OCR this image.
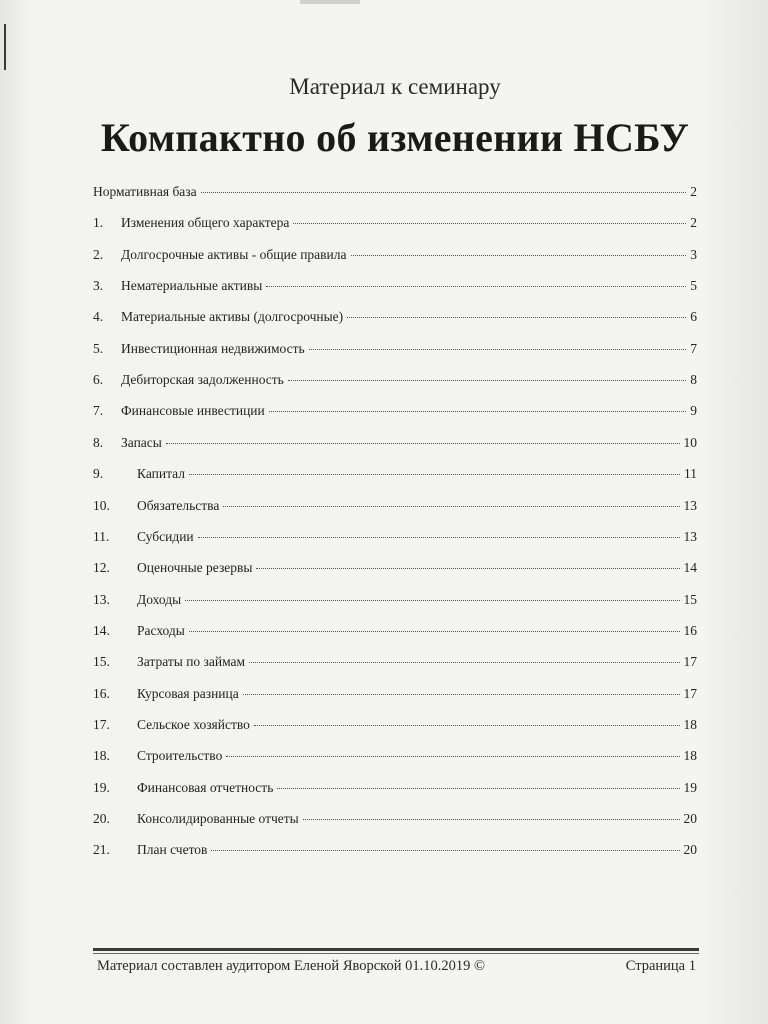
Материал к семинару
Компактно об изменении НСБУ
Нормативная база	2
1.	Изменения общего характера	2
2.	Долгосрочные активы - общие правила	3
3.	Нематериальные активы	5
4.	Материальные активы (долгосрочные)	6
5.	Инвестиционная недвижимость	7
6.	Дебиторская задолженность	8
7.	Финансовые инвестиции	9
8.	Запасы	10
9.	Капитал	11
10.	Обязательства	13
11.	Субсидии	13
12.	Оценочные резервы	14
13.	Доходы	15
14.	Расходы	16
15.	Затраты по займам	17
16.	Курсовая разница	17
17.	Сельское хозяйство	18
18.	Строительство	18
19.	Финансовая отчетность	19
20.	Консолидированные отчеты	20
21.	План счетов	20
Материал составлен аудитором Еленой Яворской 01.10.2019 ©	Страница 1
